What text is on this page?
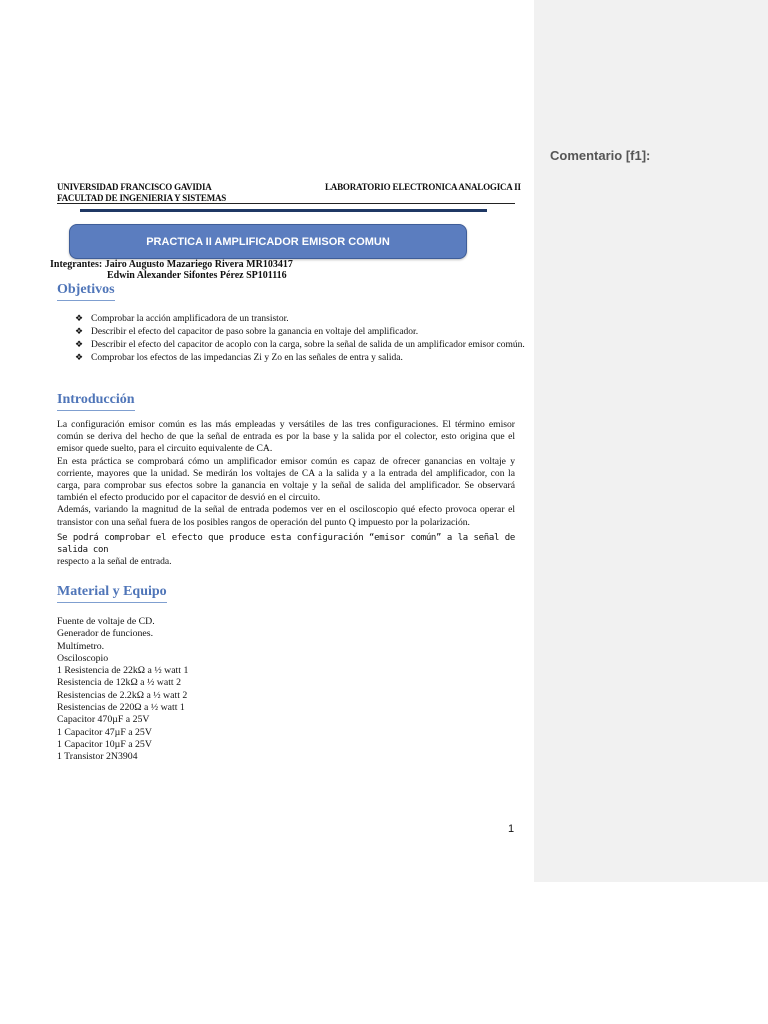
UNIVERSIDAD FRANCISCO GAVIDIA
FACULTAD DE INGENIERIA Y SISTEMAS
LABORATORIO ELECTRONICA ANALOGICA II
PRACTICA II AMPLIFICADOR EMISOR COMUN
Integrantes: Jairo Augusto Mazariego Rivera MR103417
Edwin Alexander Sifontes Pérez SP101116
Objetivos
❖ Comprobar la acción amplificadora de un transistor.
❖ Describir el efecto del capacitor de paso sobre la ganancia en voltaje del amplificador.
❖ Describir el efecto del capacitor de acoplo con la carga, sobre la señal de salida de un amplificador emisor común.
❖ Comprobar los efectos de las impedancias Zi y Zo en las señales de entra y salida.
Introducción

La configuración emisor común es las más empleadas y versátiles de las tres configuraciones. El término emisor común se deriva del hecho de que la señal de entrada es por la base y la salida por el colector, esto origina que el emisor quede suelto, para el circuito equivalente de CA.

En esta práctica se comprobará cómo un amplificador emisor común es capaz de ofrecer ganancias en voltaje y corriente, mayores que la unidad. Se medirán los voltajes de CA a la salida y a la entrada del amplificador, con la carga, para comprobar sus efectos sobre la ganancia en voltaje y la señal de salida del amplificador. Se observará también el efecto producido por el capacitor de desvió en el circuito.

Además, variando la magnitud de la señal de entrada podemos ver en el osciloscopio qué efecto provoca operar el transistor con una señal fuera de los posibles rangos de operación del punto Q impuesto por la polarización.

Se podrá comprobar el efecto que produce esta configuración “emisor común” a la señal de salida con

respecto a la señal de entrada.

Material y Equipo
Fuente de voltaje de CD.
Generador de funciones.
Multímetro.
Osciloscopio
1 Resistencia de 22kΩ a ½ watt 1
Resistencia de 12kΩ a ½ watt 2
Resistencias de 2.2kΩ a ½ watt 2
Resistencias de 220Ω a ½ watt 1
Capacitor 470µF a 25V
1 Capacitor 47µF a 25V
1 Capacitor 10µF a 25V
1 Transistor 2N3904
1
Comentario [f1]:
